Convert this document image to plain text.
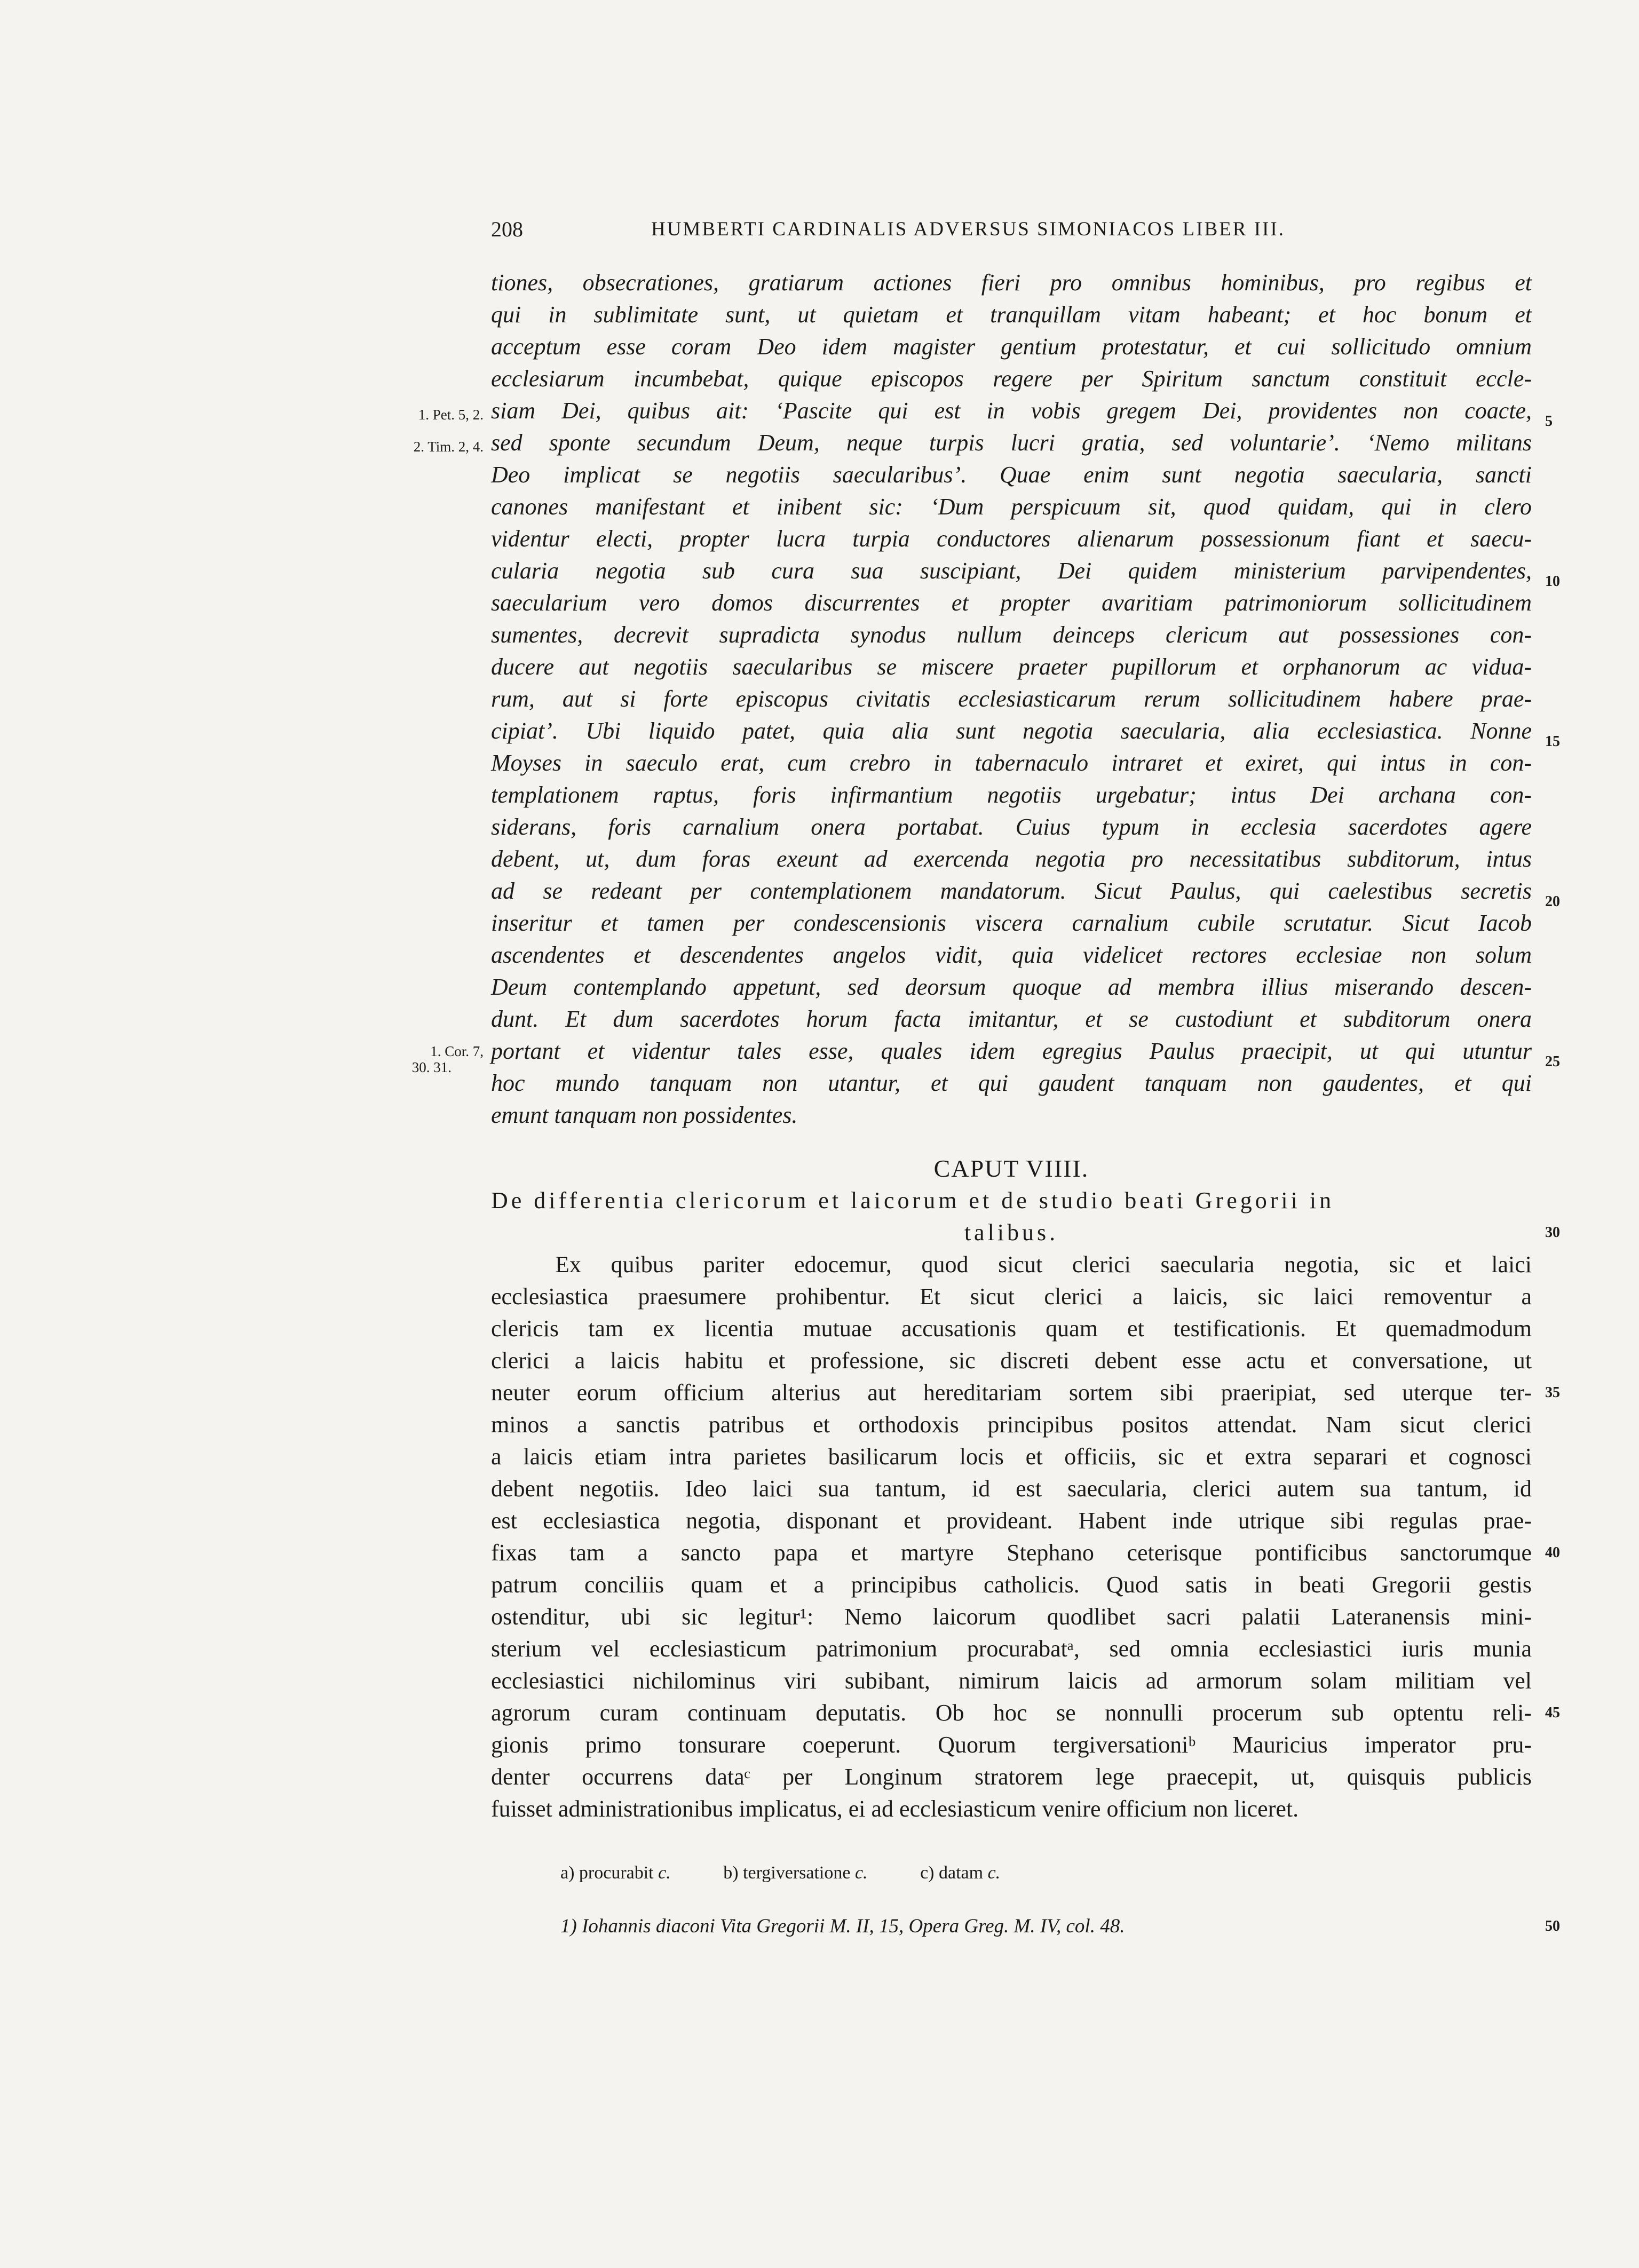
208	HUMBERTI CARDINALIS ADVERSUS SIMONIACOS LIBER III.
tiones, obsecrationes, gratiarum actiones fieri pro omnibus hominibus, pro regibus et
qui in sublimitate sunt, ut quietam et tranquillam vitam habeant; et hoc bonum et
acceptum esse coram Deo idem magister gentium protestatur, et cui sollicitudo omnium
ecclesiarum incumbebat, quique episcopos regere per Spiritum sanctum constituit eccle-
siam Dei, quibus ait: ‘Pascite qui est in vobis gregem Dei, providentes non coacte,
sed sponte secundum Deum, neque turpis lucri gratia, sed voluntarie’. ‘Nemo militans
Deo implicat se negotiis saecularibus’. Quae enim sunt negotia saecularia, sancti
canones manifestant et inibent sic: ‘Dum perspicuum sit, quod quidam, qui in clero
videntur electi, propter lucra turpia conductores alienarum possessionum fiant et saecu-
cularia negotia sub cura sua suscipiant, Dei quidem ministerium parvipendentes,
saecularium vero domos discurrentes et propter avaritiam patrimoniorum sollicitudinem
sumentes, decrevit supradicta synodus nullum deinceps clericum aut possessiones con-
ducere aut negotiis saecularibus se miscere praeter pupillorum et orphanorum ac vidua-
rum, aut si forte episcopus civitatis ecclesiasticarum rerum sollicitudinem habere prae-
cipiat’. Ubi liquido patet, quia alia sunt negotia saecularia, alia ecclesiastica. Nonne
Moyses in saeculo erat, cum crebro in tabernaculo intraret et exiret, qui intus in con-
templationem raptus, foris infirmantium negotiis urgebatur; intus Dei archana con-
siderans, foris carnalium onera portabat. Cuius typum in ecclesia sacerdotes agere
debent, ut, dum foras exeunt ad exercenda negotia pro necessitatibus subditorum, intus
ad se redeant per contemplationem mandatorum. Sicut Paulus, qui caelestibus secretis
inseritur et tamen per condescensionis viscera carnalium cubile scrutatur. Sicut Iacob
ascendentes et descendentes angelos vidit, quia videlicet rectores ecclesiae non solum
Deum contemplando appetunt, sed deorsum quoque ad membra illius miserando descen-
dunt. Et dum sacerdotes horum facta imitantur, et se custodiunt et subditorum onera
portant et videntur tales esse, quales idem egregius Paulus praecipit, ut qui utuntur
hoc mundo tanquam non utantur, et qui gaudent tanquam non gaudentes, et qui
emunt tanquam non possidentes.
1. Pet. 5, 2.
2. Tim. 2, 4.
1. Cor. 7,
30. 31.
CAPUT VIIII.
De differentia clericorum et laicorum et de studio beati Gregorii in
talibus.
Ex quibus pariter edocemur, quod sicut clerici saecularia negotia, sic et laici
ecclesiastica praesumere prohibentur. Et sicut clerici a laicis, sic laici removentur a
clericis tam ex licentia mutuae accusationis quam et testificationis. Et quemadmodum
clerici a laicis habitu et professione, sic discreti debent esse actu et conversatione, ut
neuter eorum officium alterius aut hereditariam sortem sibi praeripiat, sed uterque ter-
minos a sanctis patribus et orthodoxis principibus positos attendat. Nam sicut clerici
a laicis etiam intra parietes basilicarum locis et officiis, sic et extra separari et cognosci
debent negotiis. Ideo laici sua tantum, id est saecularia, clerici autem sua tantum, id
est ecclesiastica negotia, disponant et provideant. Habent inde utrique sibi regulas prae-
fixas tam a sancto papa et martyre Stephano ceterisque pontificibus sanctorumque
patrum conciliis quam et a principibus catholicis. Quod satis in beati Gregorii gestis
ostenditur, ubi sic legitur¹: Nemo laicorum quodlibet sacri palatii Lateranensis mini-
sterium vel ecclesiasticum patrimonium procurabatᵃ, sed omnia ecclesiastici iuris munia
ecclesiastici nichilominus viri subibant, nimirum laicis ad armorum solam militiam vel
agrorum curam continuam deputatis. Ob hoc se nonnulli procerum sub optentu reli-
gionis primo tonsurare coeperunt. Quorum tergiversationiᵇ Mauricius imperator pru-
denter occurrens dataᶜ per Longinum stratorem lege praecepit, ut, quisquis publicis
fuisset administrationibus implicatus, ei ad ecclesiasticum venire officium non liceret.
5
10
15
20
25
30
35
40
45
50
a) procurabit c.	b) tergiversatione c.	c) datam c.
1) Iohannis diaconi Vita Gregorii M. II, 15, Opera Greg. M. IV, col. 48.
